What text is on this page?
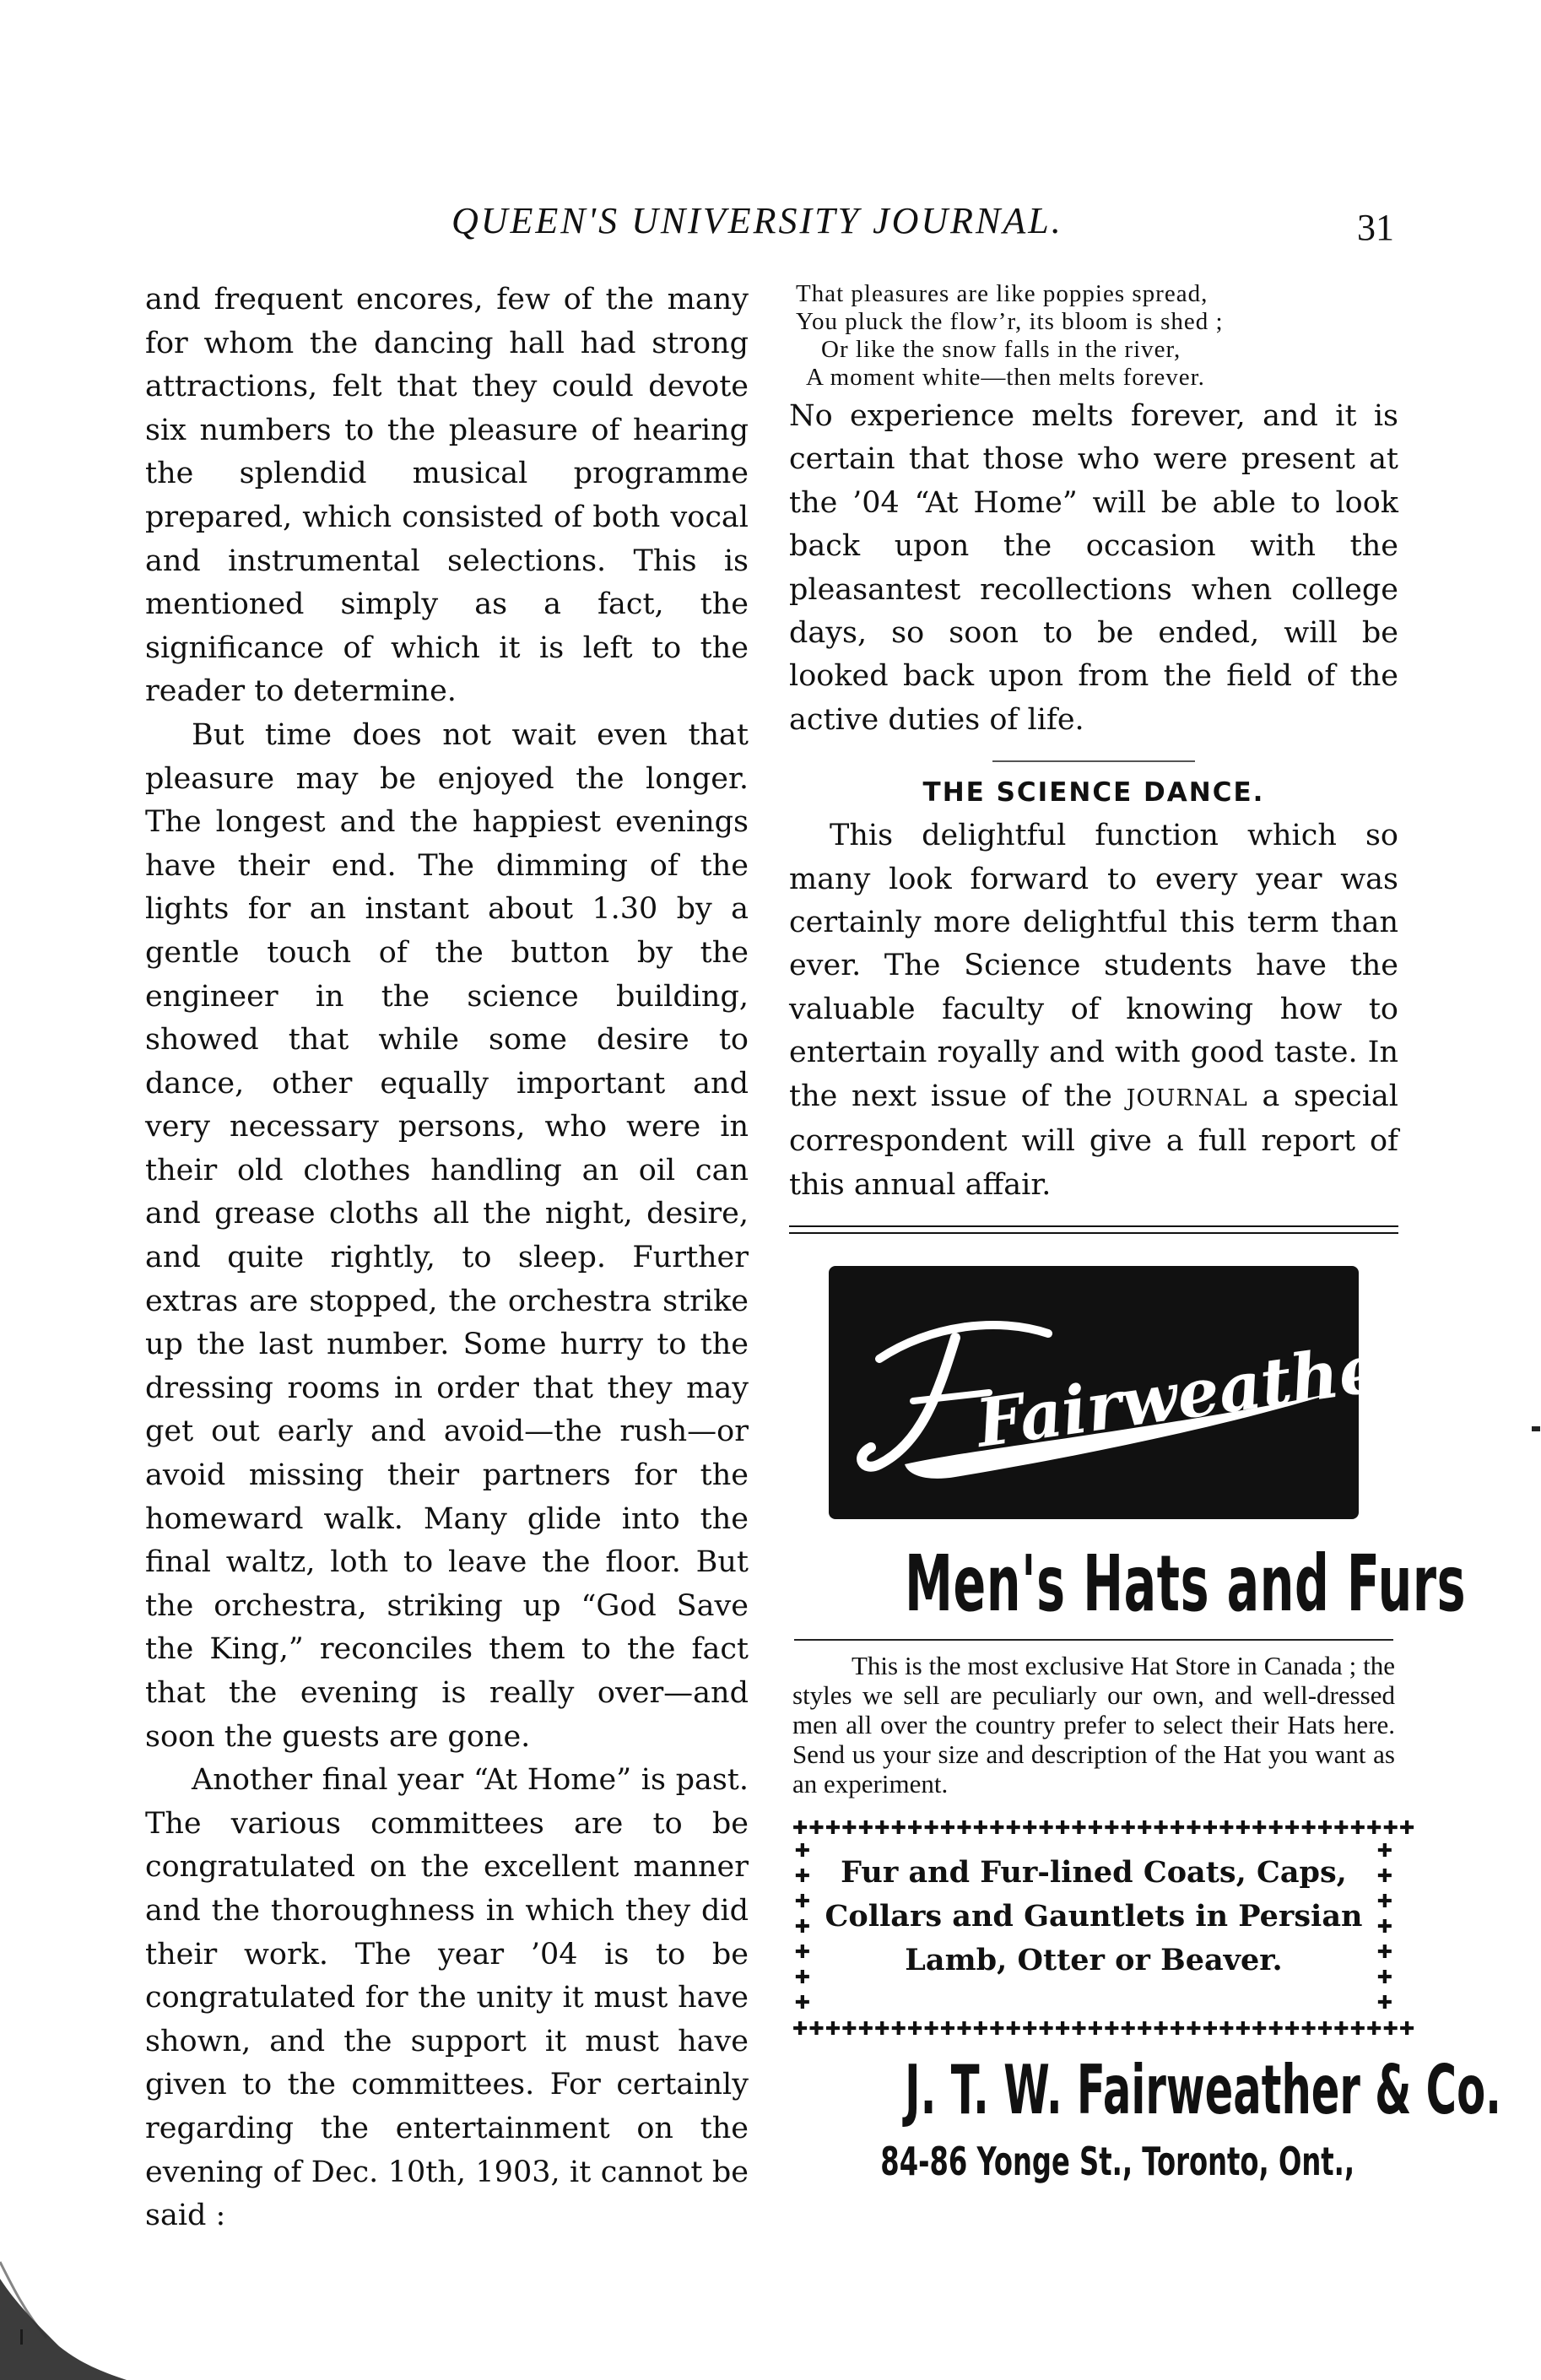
QUEEN'S UNIVERSITY JOURNAL.	31

and frequent encores, few of the many for whom the dancing hall had strong attractions, felt that they could devote six numbers to the pleasure of hearing the splendid musical programme prepared, which consisted of both vocal and instrumental selections. This is mentioned simply as a fact, the significance of which it is left to the reader to determine.

But time does not wait even that pleasure may be enjoyed the longer. The longest and the happiest evenings have their end. The dimming of the lights for an instant about 1.30 by a gentle touch of the button by the engineer in the science building, showed that while some desire to dance, other equally important and very necessary persons, who were in their old clothes handling an oil can and grease cloths all the night, desire, and quite rightly, to sleep. Further extras are stopped, the orchestra strike up the last number. Some hurry to the dressing rooms in order that they may get out early and avoid—the rush—or avoid missing their partners for the homeward walk. Many glide into the final waltz, loth to leave the floor. But the orchestra, striking up “God Save the King,” reconciles them to the fact that the evening is really over—and soon the guests are gone.

Another final year “At Home” is past. The various committees are to be congratulated on the excellent manner and the thoroughness in which they did their work. The year ’04 is to be congratulated for the unity it must have shown, and the support it must have given to the committees. For certainly regarding the entertainment on the evening of Dec. 10th, 1903, it cannot be said :

That pleasures are like poppies spread,
You pluck the flow’r, its bloom is shed ;
Or like the snow falls in the river,
A moment white—then melts forever.

No experience melts forever, and it is certain that those who were present at the ’04 “At Home” will be able to look back upon the occasion with the pleasantest recollections when college days, so soon to be ended, will be looked back upon from the field of the active duties of life.

THE SCIENCE DANCE.

This delightful function which so many look forward to every year was certainly more delightful this term than ever. The Science students have the valuable faculty of knowing how to entertain royally and with good taste. In the next issue of the JOURNAL a special correspondent will give a full report of this annual affair.

Fairweather's
Men's Hats and Furs

This is the most exclusive Hat Store in Canada ; the styles we sell are peculiarly our own, and well-dressed men all over the country prefer to select their Hats here. Send us your size and description of the Hat you want as an experiment.

✚✚✚✚✚✚✚✚✚✚✚✚✚✚✚✚✚✚✚✚✚✚✚✚✚✚✚✚✚✚✚✚✚✚✚✚✚✚
✚✚✚✚✚✚✚✚✚✚✚✚✚✚✚✚✚✚✚✚✚✚✚✚✚✚✚✚✚✚✚✚✚✚✚✚✚✚
✚
✚
✚
✚
✚
✚
✚
✚
✚
✚
✚
✚
✚
✚
Fur and Fur-lined Coats, Caps,
Collars and Gauntlets in Persian
Lamb, Otter or Beaver.
J. T. W. Fairweather & Co.
84-86 Yonge St., Toronto, Ont.,
